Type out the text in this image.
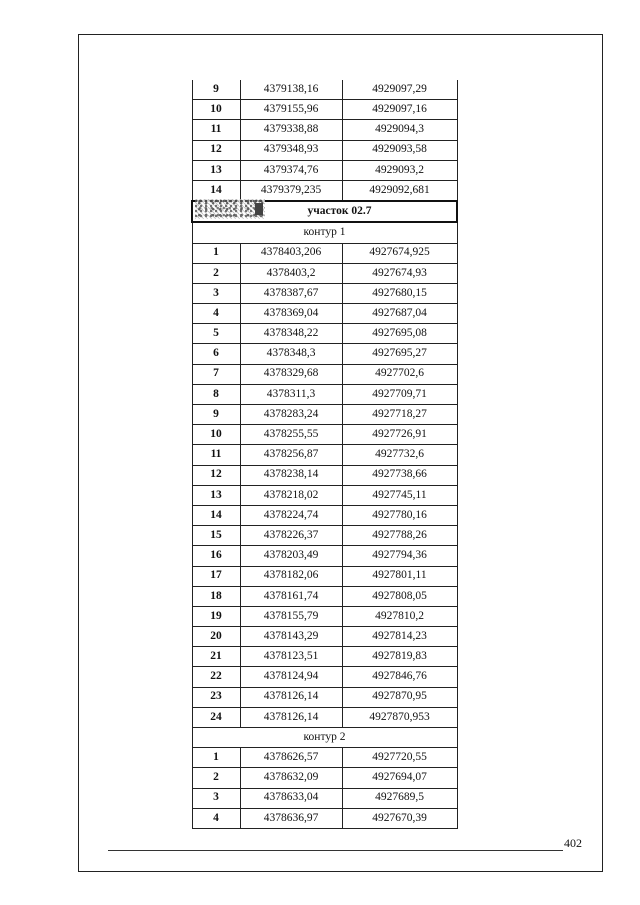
9	4379138,16	4929097,29
10	4379155,96	4929097,16
11	4379338,88	4929094,3
12	4379348,93	4929093,58
13	4379374,76	4929093,2
14	4379379,235	4929092,681

участок 02.7		
контур 1		
1	4378403,206	4927674,925
2	4378403,2	4927674,93
3	4378387,67	4927680,15
4	4378369,04	4927687,04
5	4378348,22	4927695,08
6	4378348,3	4927695,27
7	4378329,68	4927702,6
8	4378311,3	4927709,71
9	4378283,24	4927718,27
10	4378255,55	4927726,91
11	4378256,87	4927732,6
12	4378238,14	4927738,66
13	4378218,02	4927745,11
14	4378224,74	4927780,16
15	4378226,37	4927788,26
16	4378203,49	4927794,36
17	4378182,06	4927801,11
18	4378161,74	4927808,05
19	4378155,79	4927810,2
20	4378143,29	4927814,23
21	4378123,51	4927819,83
22	4378124,94	4927846,76
23	4378126,14	4927870,95
24	4378126,14	4927870,953
контур 2		
1	4378626,57	4927720,55
2	4378632,09	4927694,07
3	4378633,04	4927689,5
4	4378636,97	4927670,39
402
